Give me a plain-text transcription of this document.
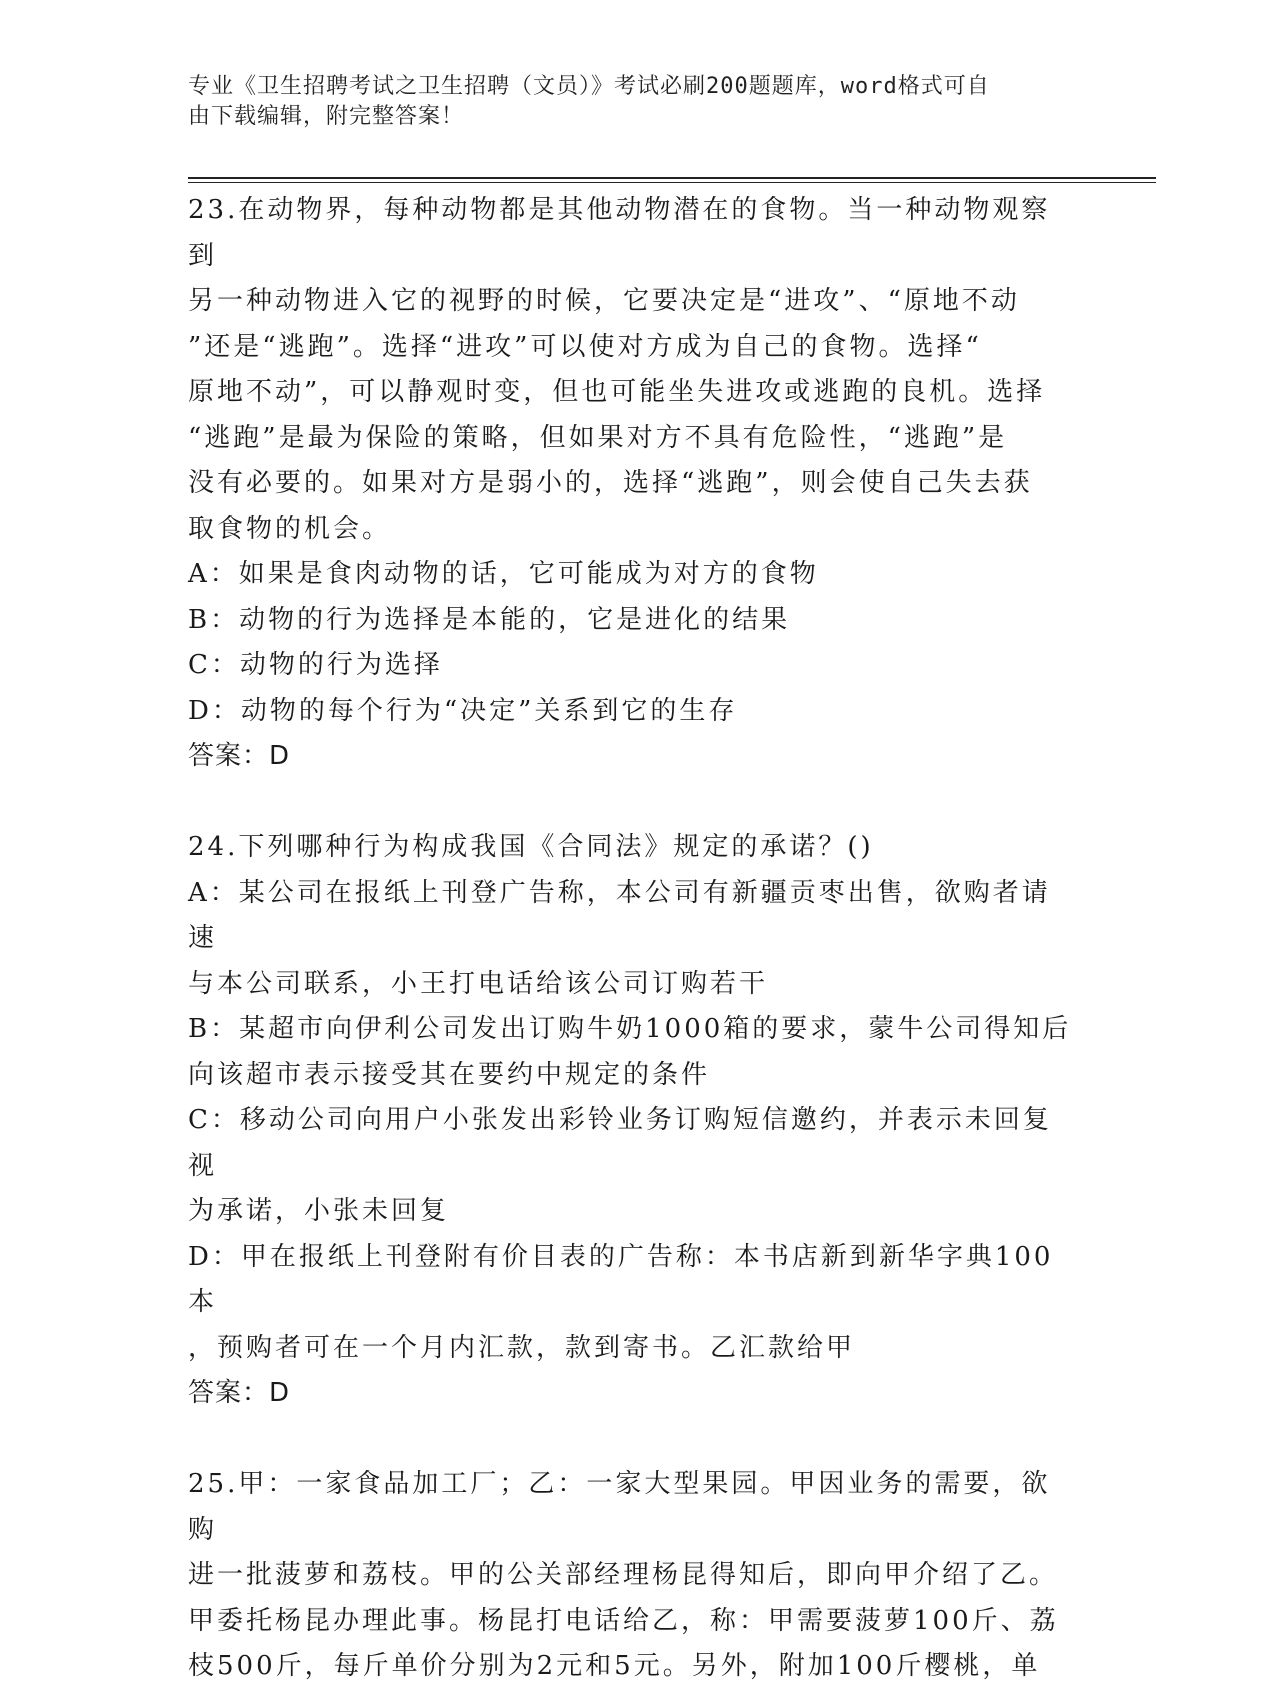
专业《卫生招聘考试之卫生招聘（文员）》考试必刷200题题库，word格式可自
由下载编辑，附完整答案！

23.在动物界，每种动物都是其他动物潜在的食物。当一种动物观察到

另一种动物进入它的视野的时候，它要决定是“进攻”、“原地不动

”还是“逃跑”。选择“进攻”可以使对方成为自己的食物。选择“

原地不动”，可以静观时变，但也可能坐失进攻或逃跑的良机。选择

“逃跑”是最为保险的策略，但如果对方不具有危险性，“逃跑”是

没有必要的。如果对方是弱小的，选择“逃跑”，则会使自己失去获

取食物的机会。

A：如果是食肉动物的话，它可能成为对方的食物

B：动物的行为选择是本能的，它是进化的结果

C：动物的行为选择

D：动物的每个行为“决定”关系到它的生存

答案：D

24.下列哪种行为构成我国《合同法》规定的承诺？()

A：某公司在报纸上刊登广告称，本公司有新疆贡枣出售，欲购者请速

与本公司联系，小王打电话给该公司订购若干

B：某超市向伊利公司发出订购牛奶1000箱的要求，蒙牛公司得知后

向该超市表示接受其在要约中规定的条件

C：移动公司向用户小张发出彩铃业务订购短信邀约，并表示未回复视

为承诺，小张未回复

D：甲在报纸上刊登附有价目表的广告称：本书店新到新华字典100本

，预购者可在一个月内汇款，款到寄书。乙汇款给甲

答案：D

25.甲：一家食品加工厂；乙：一家大型果园。甲因业务的需要，欲购

进一批菠萝和荔枝。甲的公关部经理杨昆得知后，即向甲介绍了乙。

甲委托杨昆办理此事。杨昆打电话给乙，称：甲需要菠萝100斤、荔

枝500斤，每斤单价分别为2元和5元。另外，附加100斤樱桃，单
